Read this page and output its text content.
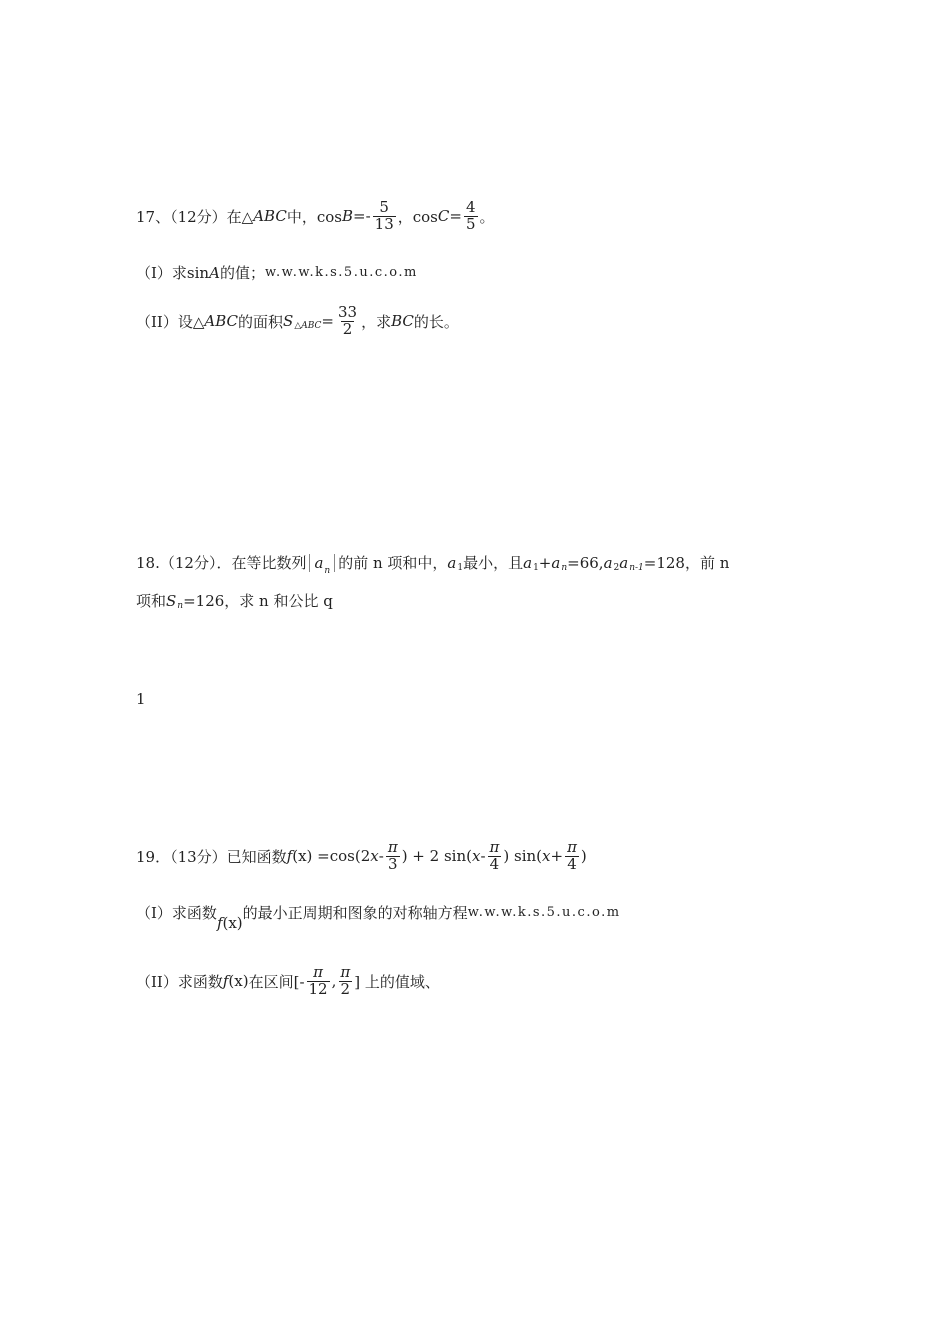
17、（12分）在△ ABC 中，$\cos B =- \frac{5}{13}$ ，$\cos C = \frac{4}{5}$ 。
（I）求sin A 的值； w.w.w.k.s.5.u.c.o.m
（II）设△ ABC 的面积 S △ABC = $\frac{33}{2}$ ，求 BC 的长。
18.（12分）．在等比数列 $a_n$ 的前 n 项和中， a 1 最小，且 a 1 + a n =66, a 2 a n-1 =128，前 n
项和 S n =126，求 n 和公比 q
1
19．（13分）已知函数 f (x) =cos(2 x - $\frac{\pi}{3}$ ) + 2 sin( x - $\frac{\pi}{4}$ ) sin( $x + \frac{\pi}{4}$ )
（I）求函数
f(x)
的最小正周期和图象的对称轴方程 w.w.w.k.s.5.u.c.o.m
（II）求函数 f (x) 在区间[- $\frac{\pi}{12}$ , $\frac{\pi}{2}$ ] 上的值域、
